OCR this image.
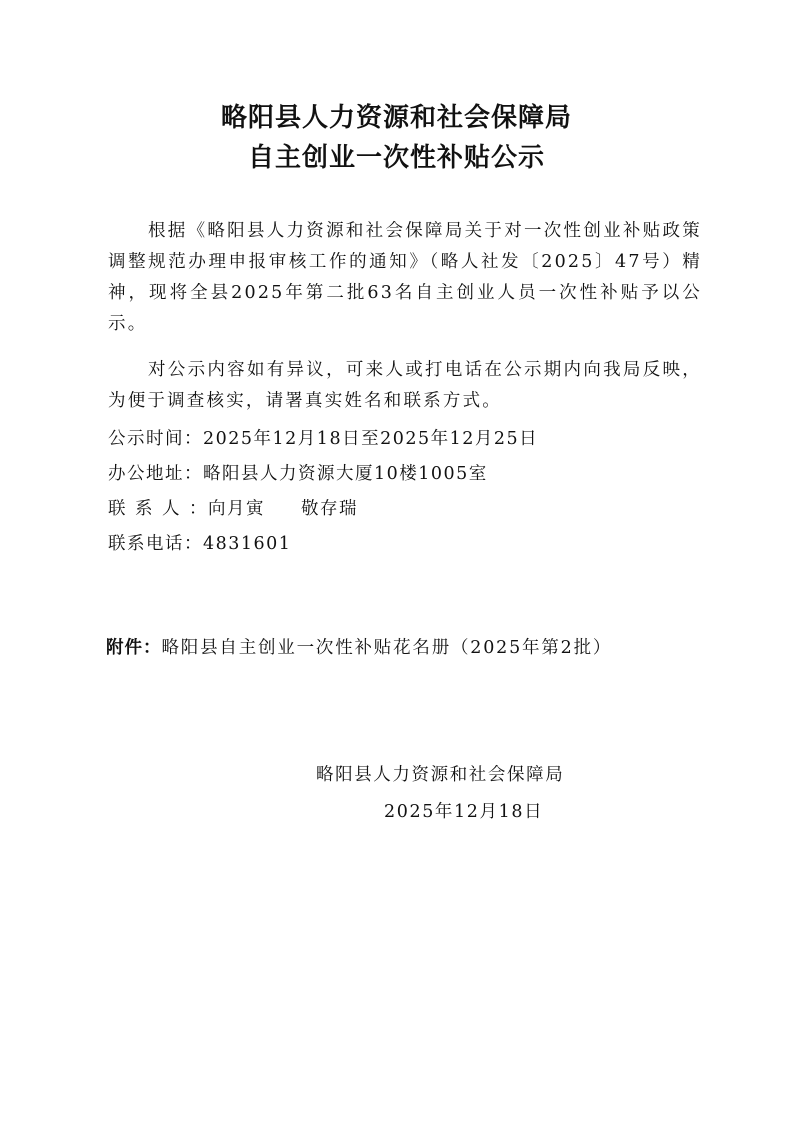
略阳县人力资源和社会保障局
自主创业一次性补贴公示
根据《略阳县人力资源和社会保障局关于对一次性创业补贴政策调整规范办理申报审核工作的通知》（略人社发〔2025〕47号）精神，现将全县2025年第二批63名自主创业人员一次性补贴予以公示。
对公示内容如有异议，可来人或打电话在公示期内向我局反映，为便于调查核实，请署真实姓名和联系方式。
公示时间：2025年12月18日至2025年12月25日
办公地址：略阳县人力资源大厦10楼1005室
联系人：向月寅 敬存瑞
联系电话：4831601
附件：略阳县自主创业一次性补贴花名册（2025年第2批）
略阳县人力资源和社会保障局
2025年12月18日
